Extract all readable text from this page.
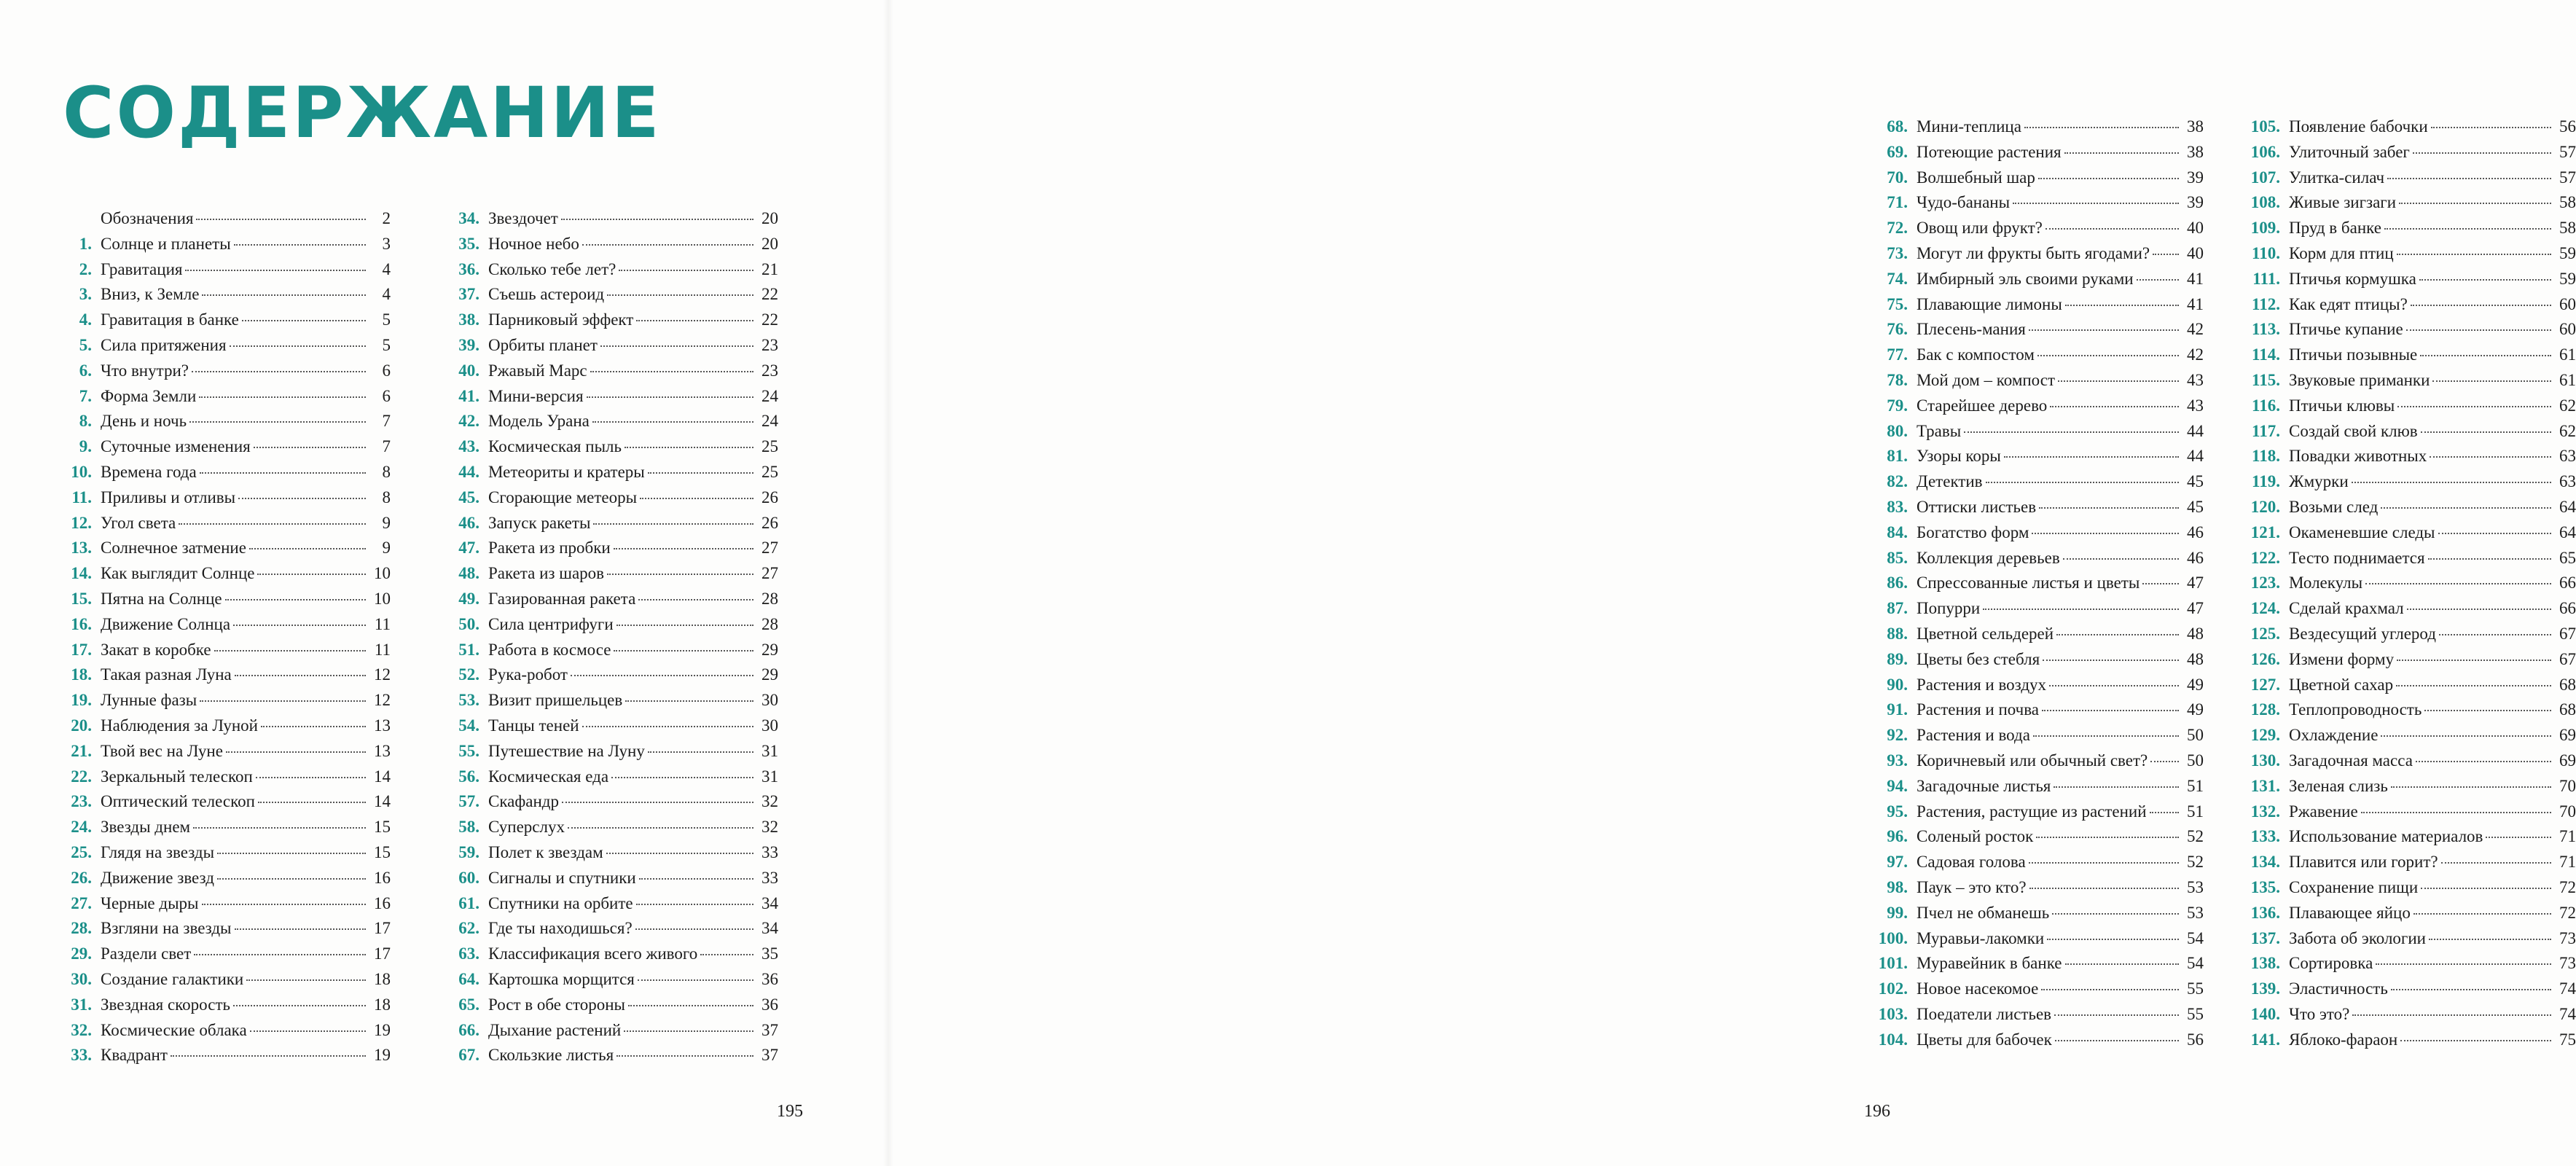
СОДЕРЖАНИЕ
Обозначения	2
1. Солнце и планеты	3
2. Гравитация	4
3. Вниз, к Земле	4
4. Гравитация в банке	5
5. Сила притяжения	5
6. Что внутри?	6
7. Форма Земли	6
8. День и ночь	7
9. Суточные изменения	7
10. Времена года	8
11. Приливы и отливы	8
12. Угол света	9
13. Солнечное затмение	9
14. Как выглядит Солнце	10
15. Пятна на Солнце	10
16. Движение Солнца	11
17. Закат в коробке	11
18. Такая разная Луна	12
19. Лунные фазы	12
20. Наблюдения за Луной	13
21. Твой вес на Луне	13
22. Зеркальный телескоп	14
23. Оптический телескоп	14
24. Звезды днем	15
25. Глядя на звезды	15
26. Движение звезд	16
27. Черные дыры	16
28. Взгляни на звезды	17
29. Раздели свет	17
30. Создание галактики	18
31. Звездная скорость	18
32. Космические облака	19
33. Квадрант	19
34. Звездочет	20
35. Ночное небо	20
36. Сколько тебе лет?	21
37. Съешь астероид	22
38. Парниковый эффект	22
39. Орбиты планет	23
40. Ржавый Марс	23
41. Мини-версия	24
42. Модель Урана	24
43. Космическая пыль	25
44. Метеориты и кратеры	25
45. Сгорающие метеоры	26
46. Запуск ракеты	26
47. Ракета из пробки	27
48. Ракета из шаров	27
49. Газированная ракета	28
50. Сила центрифуги	28
51. Работа в космосе	29
52. Рука-робот	29
53. Визит пришельцев	30
54. Танцы теней	30
55. Путешествие на Луну	31
56. Космическая еда	31
57. Скафандр	32
58. Суперслух	32
59. Полет к звездам	33
60. Сигналы и спутники	33
61. Спутники на орбите	34
62. Где ты находишься?	34
63. Классификация всего живого	35
64. Картошка морщится	36
65. Рост в обе стороны	36
66. Дыхание растений	37
67. Скользкие листья	37
195
68. Мини-теплица	38
69. Потеющие растения	38
70. Волшебный шар	39
71. Чудо-бананы	39
72. Овощ или фрукт?	40
73. Могут ли фрукты быть ягодами?	40
74. Имбирный эль своими руками	41
75. Плавающие лимоны	41
76. Плесень-мания	42
77. Бак с компостом	42
78. Мой дом – компост	43
79. Старейшее дерево	43
80. Травы	44
81. Узоры коры	44
82. Детектив	45
83. Оттиски листьев	45
84. Богатство форм	46
85. Коллекция деревьев	46
86. Спрессованные листья и цветы	47
87. Попурри	47
88. Цветной сельдерей	48
89. Цветы без стебля	48
90. Растения и воздух	49
91. Растения и почва	49
92. Растения и вода	50
93. Коричневый или обычный свет?	50
94. Загадочные листья	51
95. Растения, растущие из растений	51
96. Соленый росток	52
97. Садовая голова	52
98. Паук – это кто?	53
99. Пчел не обманешь	53
100. Муравьи-лакомки	54
101. Муравейник в банке	54
102. Новое насекомое	55
103. Поедатели листьев	55
104. Цветы для бабочек	56
105. Появление бабочки	56
106. Улиточный забег	57
107. Улитка-силач	57
108. Живые зигзаги	58
109. Пруд в банке	58
110. Корм для птиц	59
111. Птичья кормушка	59
112. Как едят птицы?	60
113. Птичье купание	60
114. Птичьи позывные	61
115. Звуковые приманки	61
116. Птичьи клювы	62
117. Создай свой клюв	62
118. Повадки животных	63
119. Жмурки	63
120. Возьми след	64
121. Окаменевшие следы	64
122. Тесто поднимается	65
123. Молекулы	66
124. Сделай крахмал	66
125. Вездесущий углерод	67
126. Измени форму	67
127. Цветной сахар	68
128. Теплопроводность	68
129. Охлаждение	69
130. Загадочная масса	69
131. Зеленая слизь	70
132. Ржавение	70
133. Использование материалов	71
134. Плавится или горит?	71
135. Сохранение пищи	72
136. Плавающее яйцо	72
137. Забота об экологии	73
138. Сортировка	73
139. Эластичность	74
140. Что это?	74
141. Яблоко-фараон	75
196
